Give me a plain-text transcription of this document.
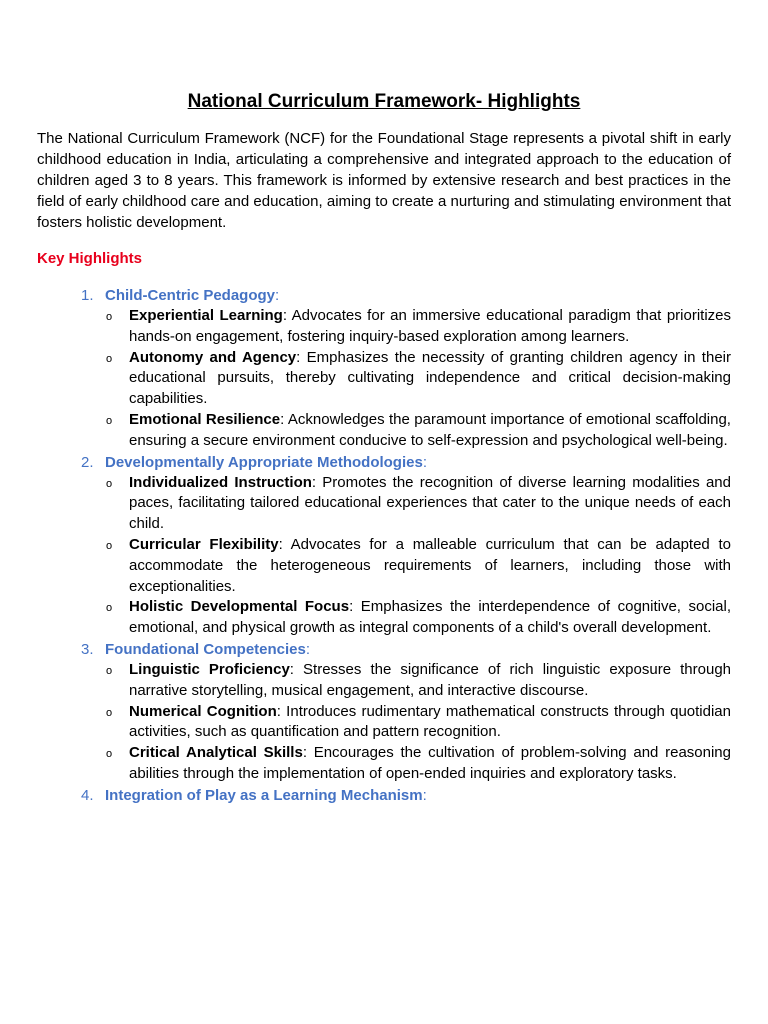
National Curriculum Framework- Highlights

The National Curriculum Framework (NCF) for the Foundational Stage represents a pivotal shift in early childhood education in India, articulating a comprehensive and integrated approach to the education of children aged 3 to 8 years. This framework is informed by extensive research and best practices in the field of early childhood care and education, aiming to create a nurturing and stimulating environment that fosters holistic development.

Key Highlights
1. Child-Centric Pedagogy:
o Experiential Learning: Advocates for an immersive educational paradigm that prioritizes hands-on engagement, fostering inquiry-based exploration among learners.
o Autonomy and Agency: Emphasizes the necessity of granting children agency in their educational pursuits, thereby cultivating independence and critical decision-making capabilities.
o Emotional Resilience: Acknowledges the paramount importance of emotional scaffolding, ensuring a secure environment conducive to self-expression and psychological well-being.
2. Developmentally Appropriate Methodologies:
o Individualized Instruction: Promotes the recognition of diverse learning modalities and paces, facilitating tailored educational experiences that cater to the unique needs of each child.
o Curricular Flexibility: Advocates for a malleable curriculum that can be adapted to accommodate the heterogeneous requirements of learners, including those with exceptionalities.
o Holistic Developmental Focus: Emphasizes the interdependence of cognitive, social, emotional, and physical growth as integral components of a child's overall development.
3. Foundational Competencies:
o Linguistic Proficiency: Stresses the significance of rich linguistic exposure through narrative storytelling, musical engagement, and interactive discourse.
o Numerical Cognition: Introduces rudimentary mathematical constructs through quotidian activities, such as quantification and pattern recognition.
o Critical Analytical Skills: Encourages the cultivation of problem-solving and reasoning abilities through the implementation of open-ended inquiries and exploratory tasks.
4. Integration of Play as a Learning Mechanism:
